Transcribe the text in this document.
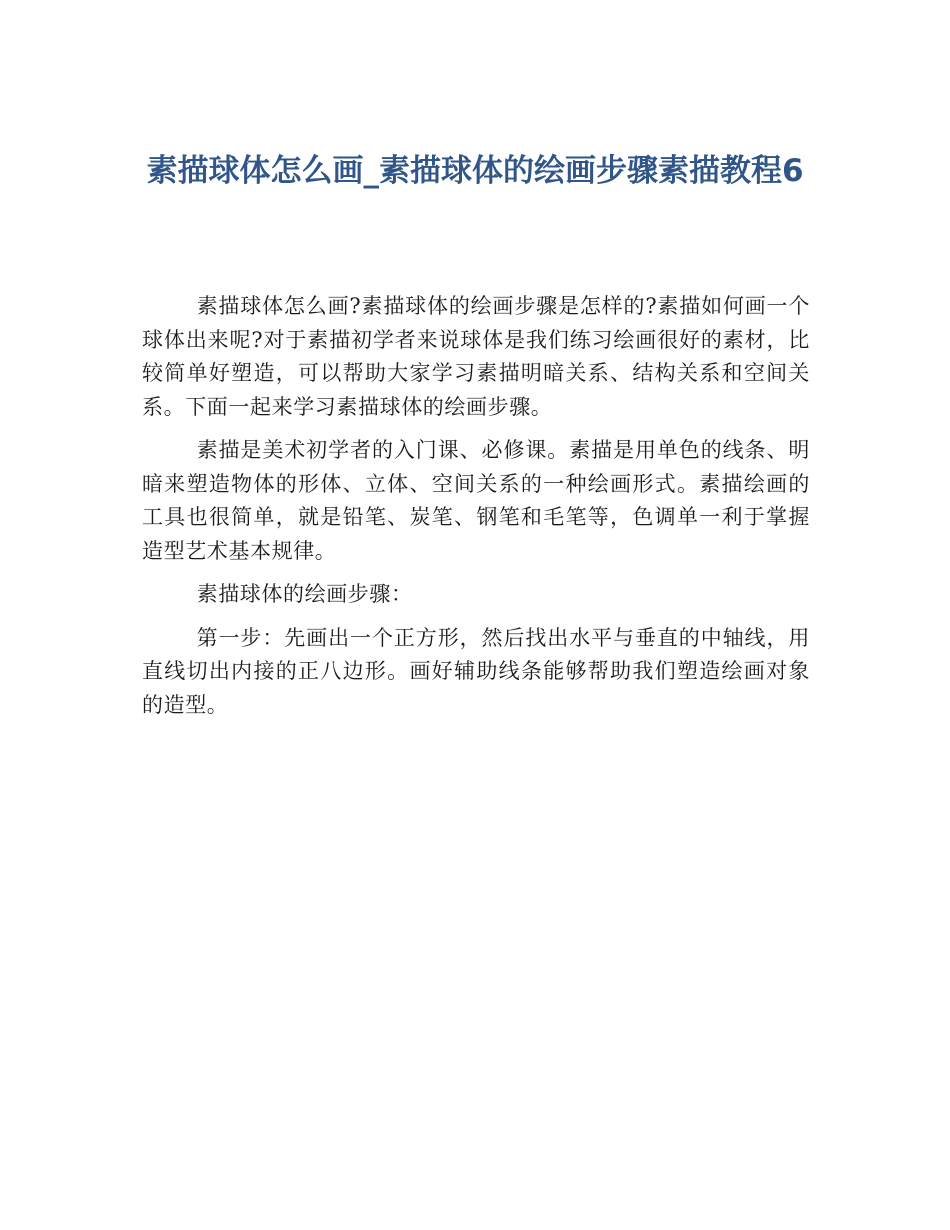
素描球体怎么画_素描球体的绘画步骤素描教程6

素描球体怎么画?素描球体的绘画步骤是怎样的?素描如何画一个球体出来呢?对于素描初学者来说球体是我们练习绘画很好的素材，比较简单好塑造，可以帮助大家学习素描明暗关系、结构关系和空间关系。下面一起来学习素描球体的绘画步骤。

素描是美术初学者的入门课、必修课。素描是用单色的线条、明暗来塑造物体的形体、立体、空间关系的一种绘画形式。素描绘画的工具也很简单，就是铅笔、炭笔、钢笔和毛笔等，色调单一利于掌握造型艺术基本规律。

素描球体的绘画步骤：

第一步：先画出一个正方形，然后找出水平与垂直的中轴线，用直线切出内接的正八边形。画好辅助线条能够帮助我们塑造绘画对象的造型。
